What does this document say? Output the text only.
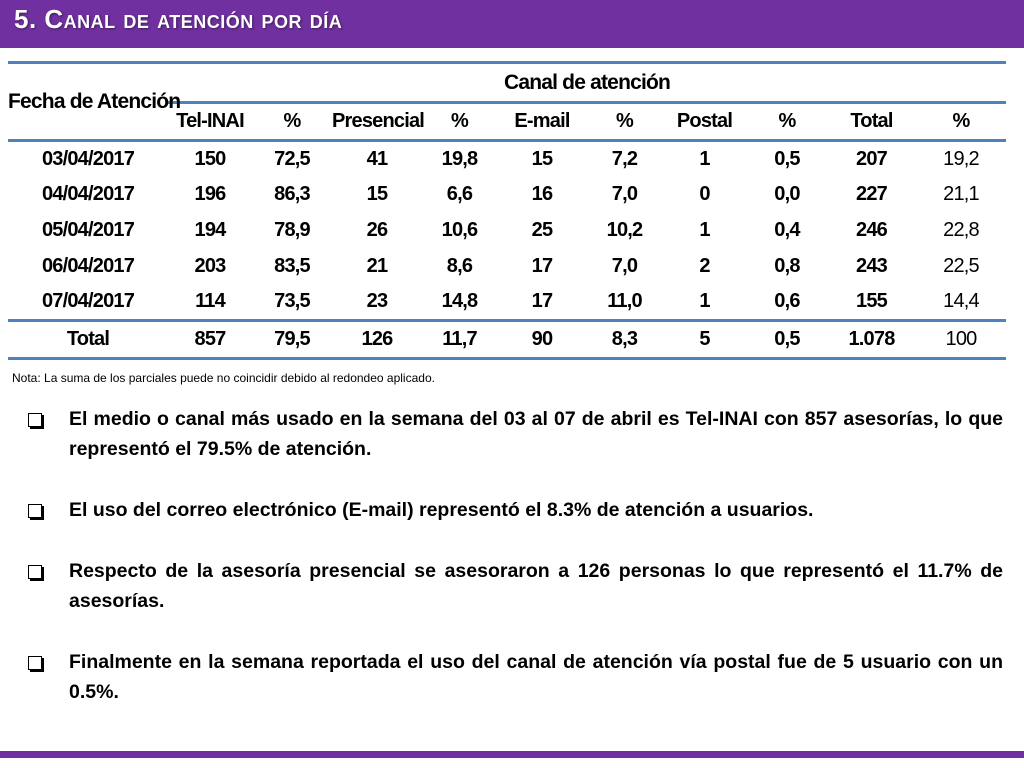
5. Canal de atención por día
Fecha de Atención	Canal de atención									
	Tel-INAI	%	Presencial	%	E-mail	%	Postal	%	Total	%
03/04/2017	150	72,5	41	19,8	15	7,2	1	0,5	207	19,2
04/04/2017	196	86,3	15	6,6	16	7,0	0	0,0	227	21,1
05/04/2017	194	78,9	26	10,6	25	10,2	1	0,4	246	22,8
06/04/2017	203	83,5	21	8,6	17	7,0	2	0,8	243	22,5
07/04/2017	114	73,5	23	14,8	17	11,0	1	0,6	155	14,4
Total	857	79,5	126	11,7	90	8,3	5	0,5	1.078	100
Nota: La suma de los parciales puede no coincidir debido al redondeo aplicado.
El medio o canal más usado en la semana del 03 al 07 de abril es Tel-INAI con 857 asesorías, lo que representó el 79.5% de atención.
El uso del correo electrónico (E-mail) representó el 8.3% de atención a usuarios.
Respecto de la asesoría presencial se asesoraron a 126 personas lo que representó el 11.7% de asesorías.
Finalmente en la semana reportada el uso del canal de atención vía postal fue de 5 usuario con un 0.5%.
